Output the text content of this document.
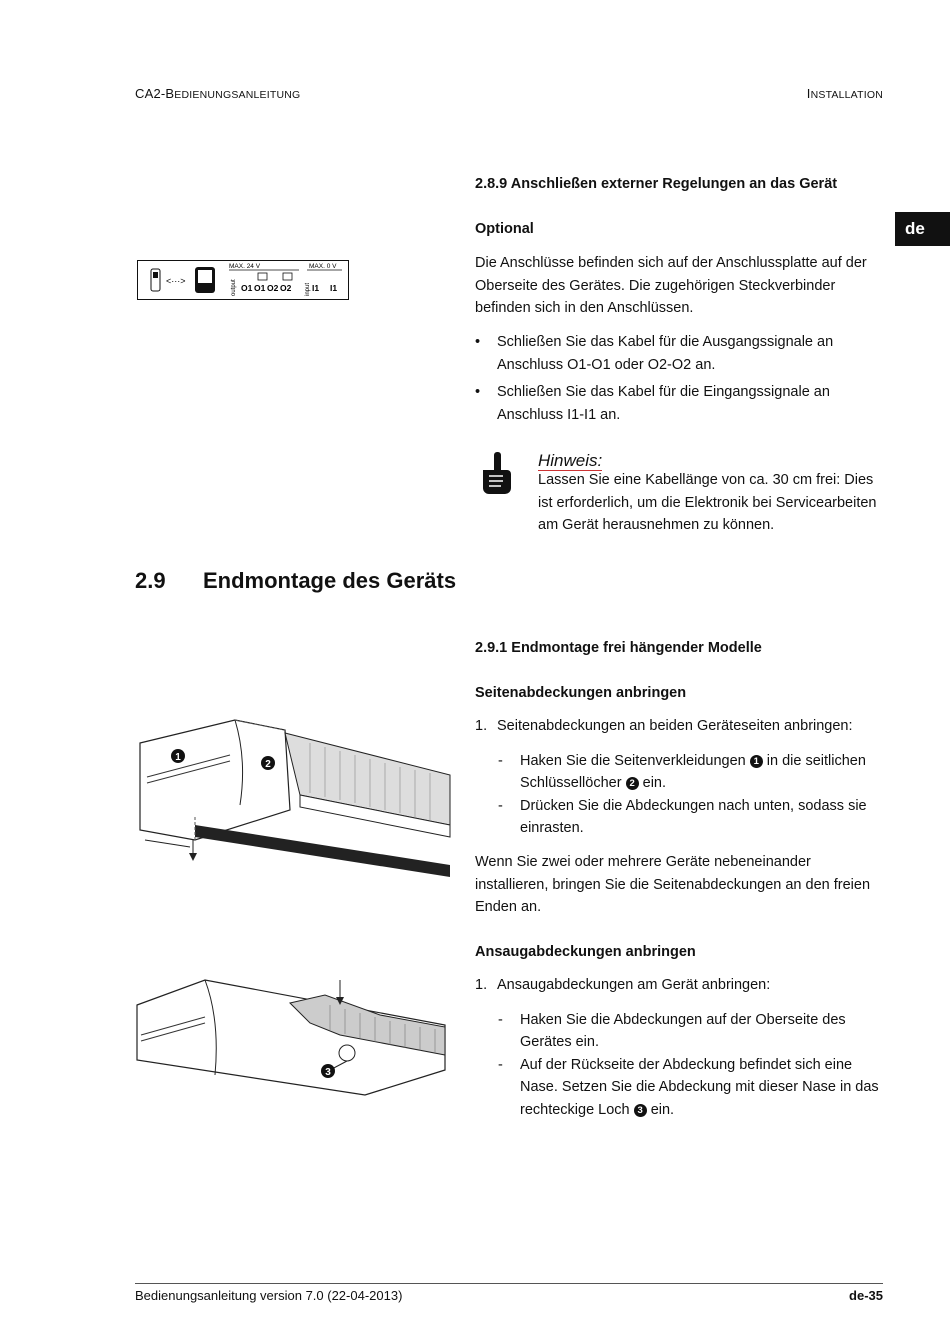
CA2-BEDIENUNGSANLEITUNG	INSTALLATION
de
2.8.9 Anschließen externer Regelungen an das Gerät
Optional

Die Anschlüsse befinden sich auf der Anschlussplatte auf der Oberseite des Gerätes. Die zugehörigen Steckverbinder befinden sich in den Anschlüssen.

• Schließen Sie das Kabel für die Ausgangssignale an Anschluss O1-O1 oder O2-O2 an.
• Schließen Sie das Kabel für die Eingangssignale an Anschluss I1-I1 an.
Hinweis:
Lassen Sie eine Kabellänge von ca. 30 cm frei: Dies ist erforderlich, um die Elektronik bei Servicearbeiten am Gerät herausnehmen zu können.
<···>
MAX. 24 V	MAX. 0 V
output O1 O1 O2 O2 input I1 I1
2.9 Endmontage des Geräts
2.9.1 Endmontage frei hängender Modelle
Seitenabdeckungen anbringen
1. Seitenabdeckungen an beiden Geräteseiten anbringen:
- Haken Sie die Seitenverkleidungen 1 in die seitlichen Schlüssellöcher 2 ein.
- Drücken Sie die Abdeckungen nach unten, sodass sie einrasten.

Wenn Sie zwei oder mehrere Geräte nebeneinander installieren, bringen Sie die Seitenabdeckungen an den freien Enden an.

Ansaugabdeckungen anbringen
1. Ansaugabdeckungen am Gerät anbringen:
- Haken Sie die Abdeckungen auf der Oberseite des Gerätes ein.
- Auf der Rückseite der Abdeckung befindet sich eine Nase. Setzen Sie die Abdeckung mit dieser Nase in das rechteckige Loch 3 ein.
1
2
3
Bedienungsanleitung version 7.0 (22-04-2013)	de-35
